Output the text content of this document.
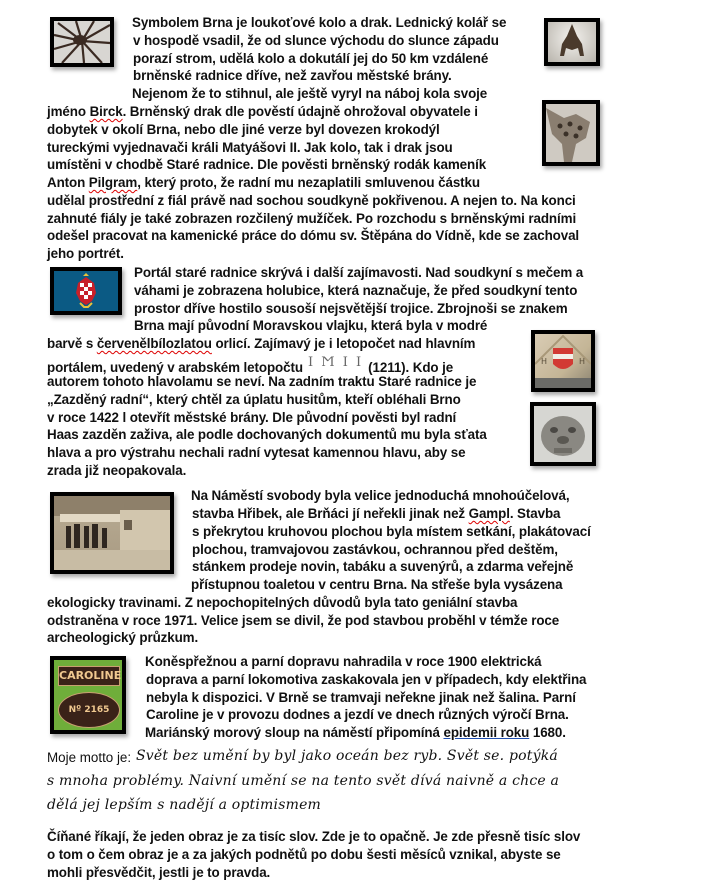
H	H
CAROLINE
Nº 2165
Symbolem Brna je loukoťové kolo a drak. Lednický kolář se
v hospodě vsadil, že od slunce východu do slunce západu
porazí strom, udělá kolo a dokutálí jej do 50 km vzdálené
brněnské radnice dříve, než zavřou městské brány.
Nejenom že to stihnul, ale ještě vyryl na náboj kola svoje
jméno Birck. Brněnský drak dle pověstí údajně ohrožoval obyvatele i
dobytek v okolí Brna, nebo dle jiné verze byl dovezen krokodýl
tureckými vyjednavači králi Matyášovi II. Jak kolo, tak i drak jsou
umístěni v chodbě Staré radnice. Dle pověsti brněnský rodák kameník
Anton Pilgram, který proto, že radní mu nezaplatili smluvenou částku
udělal prostřední z fiál právě nad sochou soudkyně pokřivenou. A nejen to. Na konci
zahnuté fiály je také zobrazen rozčilený mužíček. Po rozchodu s brněnskými radními
odešel pracovat na kamenické práce do dómu sv. Štěpána do Vídně, kde se zachoval
jeho portrét.
Portál staré radnice skrývá i další zajímavosti. Nad soudkyní s mečem a
váhami je zobrazena holubice, která naznačuje, že před soudkyní tento
prostor dříve hostilo sousoší nejsvětější trojice. Zbrojnoši se znakem
Brna mají původní Moravskou vlajku, která byla v modré
barvě s červenělbílozlatou orlicí. Zajímavý je i letopočet nad hlavním
portálem, uvedený v arabském letopočtu I Ϻ I I (1211). Kdo je
autorem tohoto hlavolamu se neví. Na zadním traktu Staré radnice je
„Zazděný radní“, který chtěl za úplatu husitům, kteří obléhali Brno
v roce 1422 l otevřít městské brány. Dle původní pověsti byl radní
Haas zazděn zaživa, ale podle dochovaných dokumentů mu byla sťata
hlava a pro výstrahu nechali radní vytesat kamennou hlavu, aby se
zrada již neopakovala.
Na Náměstí svobody byla velice jednoduchá mnohoúčelová,
stavba Hřibek, ale Brňáci jí neřekli jinak než Gampl. Stavba
s překrytou kruhovou plochou byla místem setkání, plakátovací
plochou, tramvajovou zastávkou, ochrannou před deštěm,
stánkem prodeje novin, tabáku a suvenýrů, a zdarma veřejně
přístupnou toaletou v centru Brna. Na střeše byla vysázena
ekologicky travinami. Z nepochopitelných důvodů byla tato geniální stavba
odstraněna v roce 1971. Velice jsem se divil, že pod stavbou proběhl v témže roce
archeologický průzkum.
Koněspřežnou a parní dopravu nahradila v roce 1900 elektrická
doprava a parní lokomotiva zaskakovala jen v případech, kdy elektřina
nebyla k dispozici. V Brně se tramvaji neřekne jinak než šalina. Parní
Caroline je v provozu dodnes a jezdí ve dnech různých výročí Brna.
Mariánský morový sloup na náměstí připomíná epidemii roku 1680.
Moje motto je: Svět bez umění by byl jako oceán bez ryb. Svět se. potýká
s mnoha problémy. Naivní umění se na tento svět dívá naivně a chce a
dělá jej lepším s nadějí a optimismem
Číňané říkají, že jeden obraz je za tisíc slov. Zde je to opačně. Je zde přesně tisíc slov
o tom o čem obraz je a za jakých podnětů po dobu šesti měsíců vznikal, abyste se
mohli přesvědčit, jestli je to pravda.
